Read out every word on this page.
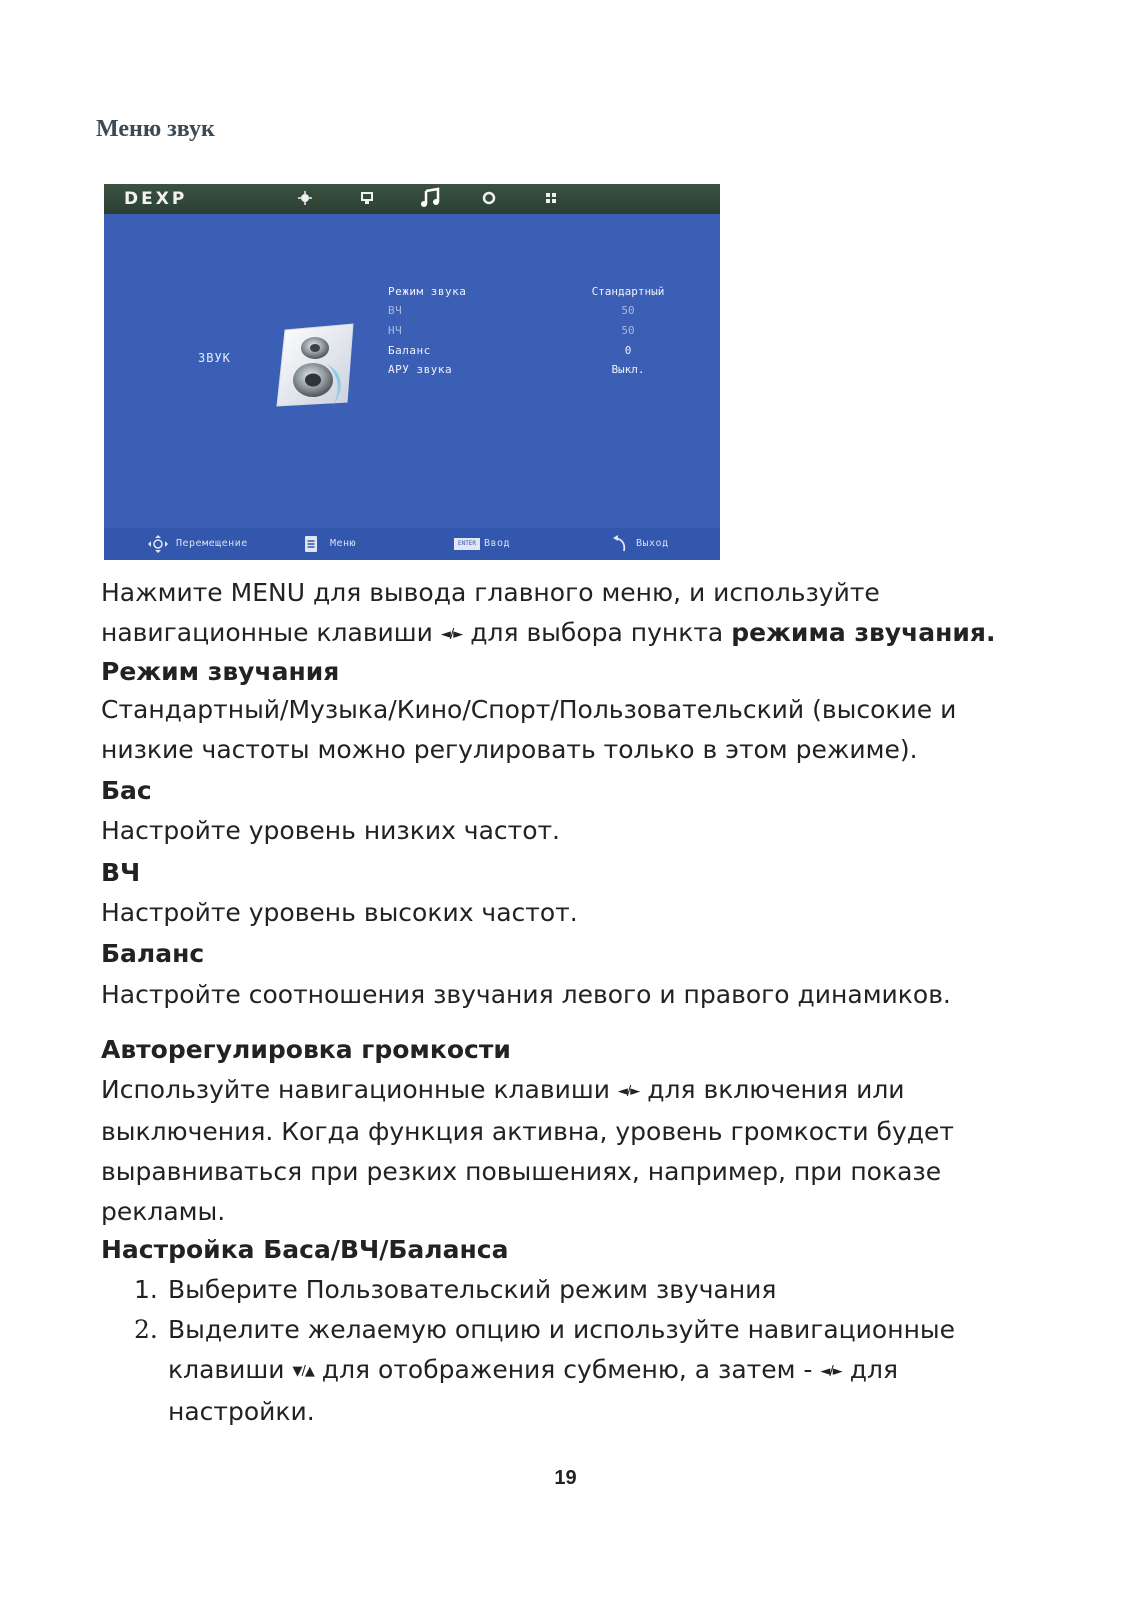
Меню звук
DEXP
ЗВУК
Режим звука	Стандартный
ВЧ	50
НЧ	50
Баланс	0
АРУ звука	Выкл.
Перемещение	Меню	ENTER Ввод	Выход
Нажмите MENU для вывода главного меню, и используйте
навигационные клавиши ◄/► для выбора пункта режима звучания.
Режим звучания
Стандартный/Музыка/Кино/Спорт/Пользовательский (высокие и
низкие частоты можно регулировать только в этом режиме).
Бас
Настройте уровень низких частот.
ВЧ
Настройте уровень высоких частот.
Баланс
Настройте соотношения звучания левого и правого динамиков.
Авторегулировка громкости
Используйте навигационные клавиши ◄/► для включения или
выключения. Когда функция активна, уровень громкости будет
выравниваться при резких повышениях, например, при показе
рекламы.
Настройка Баса/ВЧ/Баланса
1. Выберите Пользовательский режим звучания
2. Выделите желаемую опцию и используйте навигационные
клавиши ▼/▲ для отображения субменю, а затем - ◄/► для
настройки.
19
